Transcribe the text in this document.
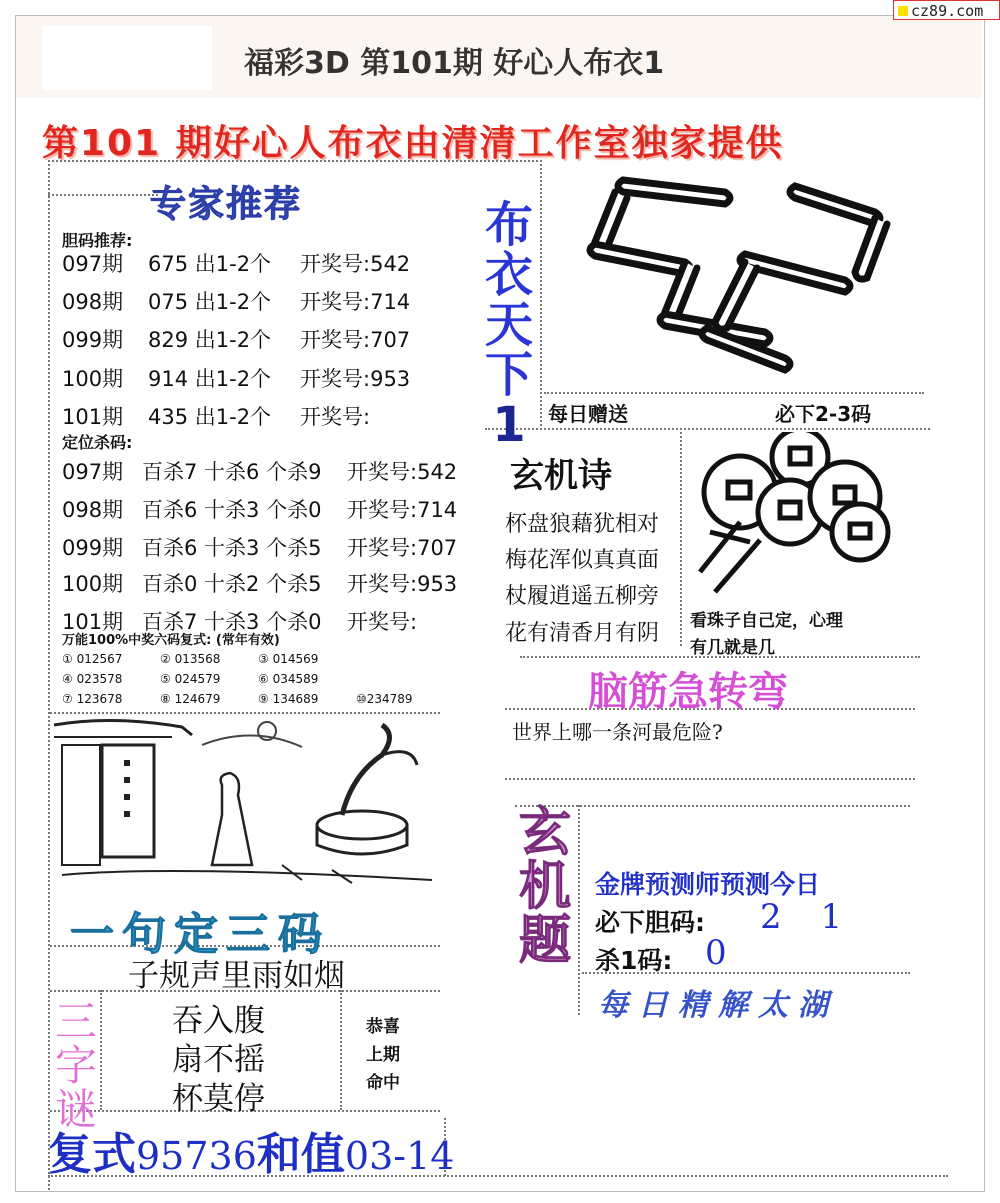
福彩3D 第101期 好心人布衣1
cz89.com
第101 期好心人布衣由清清工作室独家提供
专家推荐
胆码推荐:
097期 675 出1-2个 开奖号:542
098期 075 出1-2个 开奖号:714
099期 829 出1-2个 开奖号:707
100期 914 出1-2个 开奖号:953
101期 435 出1-2个 开奖号:
定位杀码:
097期 百杀7 十杀6 个杀9 开奖号:542
098期 百杀6 十杀3 个杀0 开奖号:714
099期 百杀6 十杀3 个杀5 开奖号:707
100期 百杀0 十杀2 个杀5 开奖号:953
101期 百杀7 十杀3 个杀0 开奖号:
万能100%中奖六码复式: (常年有效)
① 012567	② 013568	③ 014569
④ 023578	⑤ 024579	⑥ 034589
⑦ 123678	⑧ 124679	⑨ 134689	⑩234789
布
衣
天
下
1	每日赠送	必下2-3码
玄机诗
杯盘狼藉犹相对
梅花浑似真真面
杖履逍遥五柳旁
花有清香月有阴 看珠子自己定，心理
有几就是几
脑筋急转弯
世界上哪一条河最危险?
玄
机
题
金牌预测师预测今日
必下胆码: 2 1
杀1码: 0
每日精解太湖
一句定三码
子规声里雨如烟
三
字
谜
吞入腹
扇不摇
杯莫停
恭喜
上期
命中
复式95736和值03-14
